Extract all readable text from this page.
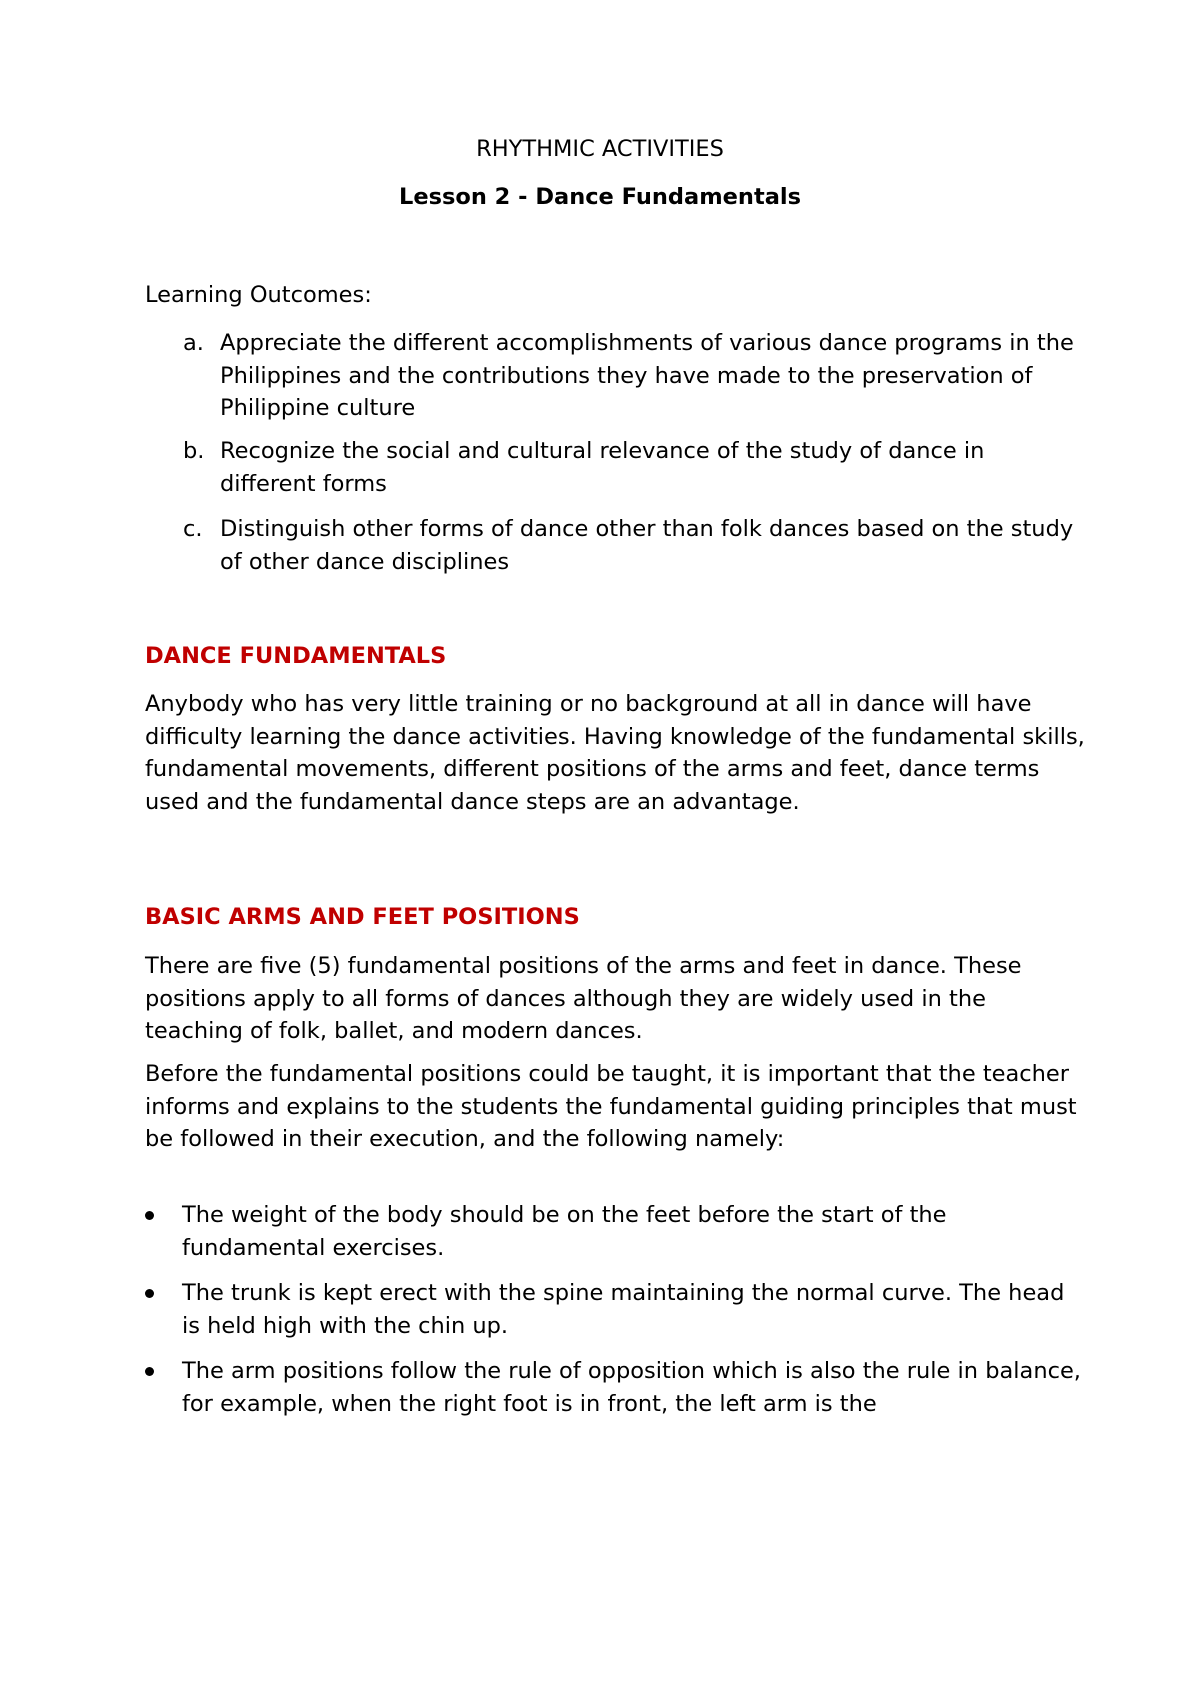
RHYTHMIC ACTIVITIES

Lesson 2 - Dance Fundamentals

Learning Outcomes:

a. Appreciate the different accomplishments of various dance programs in the Philippines and the contributions they have made to the preservation of Philippine culture
b. Recognize the social and cultural relevance of the study of dance in different forms
c. Distinguish other forms of dance other than folk dances based on the study of other dance disciplines

DANCE FUNDAMENTALS

Anybody who has very little training or no background at all in dance will have difficulty learning the dance activities. Having knowledge of the fundamental skills, fundamental movements, different positions of the arms and feet, dance terms used and the fundamental dance steps are an advantage.

BASIC ARMS AND FEET POSITIONS

There are five (5) fundamental positions of the arms and feet in dance. These positions apply to all forms of dances although they are widely used in the teaching of folk, ballet, and modern dances.

Before the fundamental positions could be taught, it is important that the teacher informs and explains to the students the fundamental guiding principles that must be followed in their execution, and the following namely:

The weight of the body should be on the feet before the start of the fundamental exercises.
The trunk is kept erect with the spine maintaining the normal curve. The head is held high with the chin up.
The arm positions follow the rule of opposition which is also the rule in balance, for example, when the right foot is in front, the left arm is the
